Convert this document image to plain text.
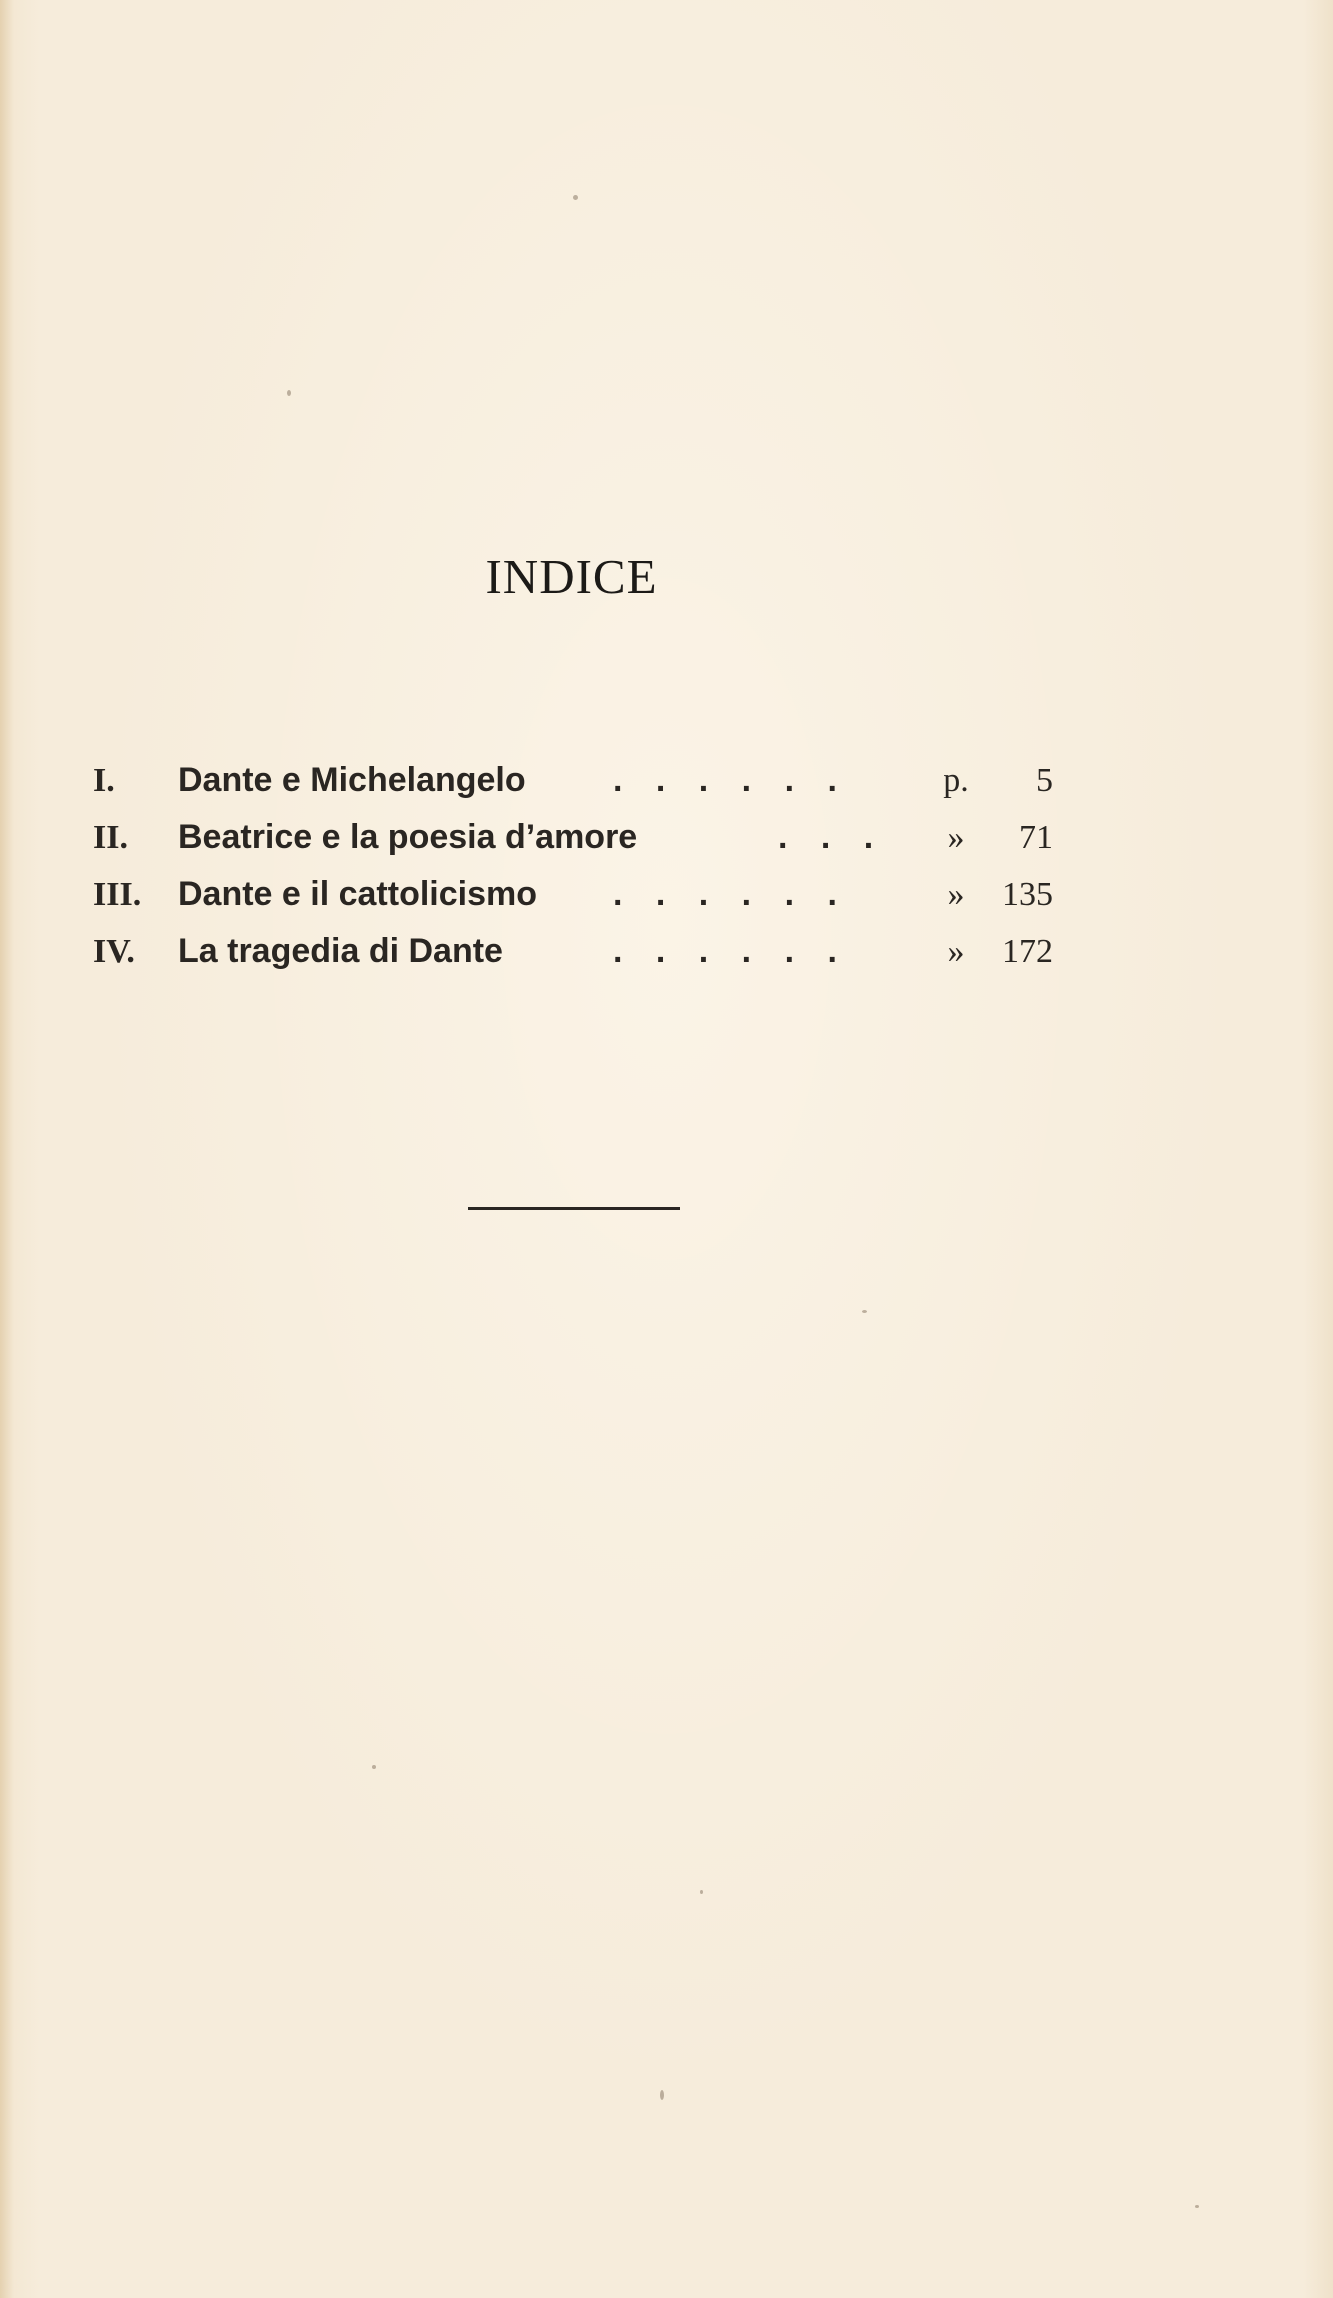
INDICE
I. Dante e Michelangelo	. . . . . .	p.	5
II. Beatrice e la poesia d’amore	. . .	»	71
III. Dante e il cattolicismo . . . . . .	»	135
IV. La tragedia di Dante	. . . . . .	»	172
